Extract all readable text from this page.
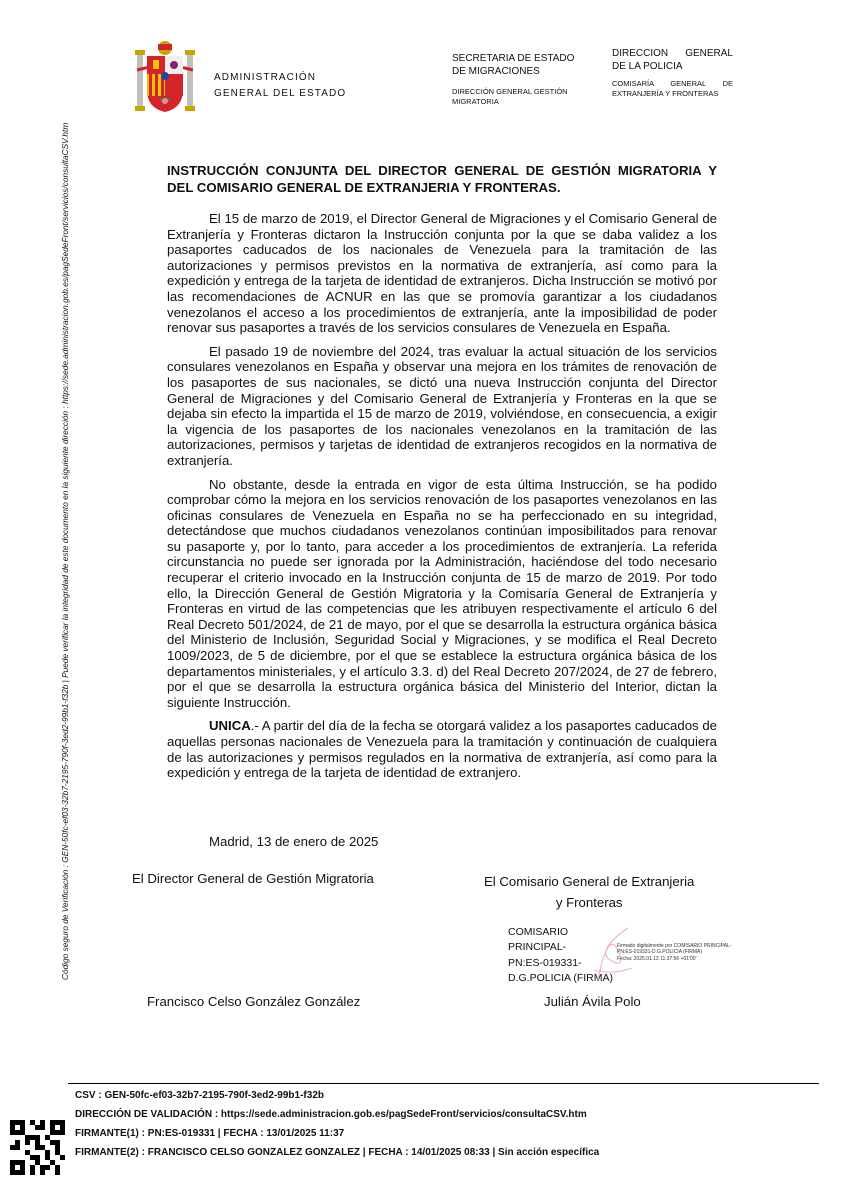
Código seguro de Verificación : GEN-50fc-ef03-32b7-2195-790f-3ed2-99b1-f32b | Puede verificar la integridad de este documento en la siguiente dirección : https://sede.administracion.gob.es/pagSedeFront/servicios/consultaCSV.htm
ADMINISTRACIÓN
GENERAL DEL ESTADO
SECRETARIA DE ESTADO
DE MIGRACIONES
DIRECCIÓN GENERAL GESTIÓN
MIGRATORIA
DIRECCION GENERAL
DE LA POLICIA
COMISARÍA GENERAL DE
EXTRANJERÍA Y FRONTERAS
INSTRUCCIÓN CONJUNTA DEL DIRECTOR GENERAL DE GESTIÓN MIGRATORIA Y DEL COMISARIO GENERAL DE EXTRANJERIA Y FRONTERAS.

El 15 de marzo de 2019, el Director General de Migraciones y el Comisario General de Extranjería y Fronteras dictaron la Instrucción conjunta por la que se daba validez a los pasaportes caducados de los nacionales de Venezuela para la tramitación de las autorizaciones y permisos previstos en la normativa de extranjería, así como para la expedición y entrega de la tarjeta de identidad de extranjeros. Dicha Instrucción se motivó por las recomendaciones de ACNUR en las que se promovía garantizar a los ciudadanos venezolanos el acceso a los procedimientos de extranjería, ante la imposibilidad de poder renovar sus pasaportes a través de los servicios consulares de Venezuela en España.

El pasado 19 de noviembre del 2024, tras evaluar la actual situación de los servicios consulares venezolanos en España y observar una mejora en los trámites de renovación de los pasaportes de sus nacionales, se dictó una nueva Instrucción conjunta del Director General de Migraciones y del Comisario General de Extranjería y Fronteras en la que se dejaba sin efecto la impartida el 15 de marzo de 2019, volviéndose, en consecuencia, a exigir la vigencia de los pasaportes de los nacionales venezolanos en la tramitación de las autorizaciones, permisos y tarjetas de identidad de extranjeros recogidos en la normativa de extranjería.

No obstante, desde la entrada en vigor de esta última Instrucción, se ha podido comprobar cómo la mejora en los servicios renovación de los pasaportes venezolanos en las oficinas consulares de Venezuela en España no se ha perfeccionado en su integridad, detectándose que muchos ciudadanos venezolanos continúan imposibilitados para renovar su pasaporte y, por lo tanto, para acceder a los procedimientos de extranjería. La referida circunstancia no puede ser ignorada por la Administración, haciéndose del todo necesario recuperar el criterio invocado en la Instrucción conjunta de 15 de marzo de 2019. Por todo ello, la Dirección General de Gestión Migratoria y la Comisaría General de Extranjería y Fronteras en virtud de las competencias que les atribuyen respectivamente el artículo 6 del Real Decreto 501/2024, de 21 de mayo, por el que se desarrolla la estructura orgánica básica del Ministerio de Inclusión, Seguridad Social y Migraciones, y se modifica el Real Decreto 1009/2023, de 5 de diciembre, por el que se establece la estructura orgánica básica de los departamentos ministeriales, y el artículo 3.3. d) del Real Decreto 207/2024, de 27 de febrero, por el que se desarrolla la estructura orgánica básica del Ministerio del Interior, dictan la siguiente Instrucción.

UNICA.- A partir del día de la fecha se otorgará validez a los pasaportes caducados de aquellas personas nacionales de Venezuela para la tramitación y continuación de cualquiera de las autorizaciones y permisos regulados en la normativa de extranjería, así como para la expedición y entrega de la tarjeta de identidad de extranjero.

Madrid, 13 de enero de 2025
El Director General de Gestión Migratoria	El Comisario General de Extranjeria
y Fronteras
COMISARIO
PRINCIPAL-
PN:ES-019331-
D.G.POLICIA (FIRMA)
Firmado digitalmente por COMISARIO PRINCIPAL-
PN:ES-019331-D.G.POLICIA (FIRMA)
Fecha: 2025.01.13 11:37:56 +01'00'
Francisco Celso González González	Julián Ávila Polo
CSV : GEN-50fc-ef03-32b7-2195-790f-3ed2-99b1-f32b
DIRECCIÓN DE VALIDACIÓN : https://sede.administracion.gob.es/pagSedeFront/servicios/consultaCSV.htm
FIRMANTE(1) : PN:ES-019331 | FECHA : 13/01/2025 11:37
FIRMANTE(2) : FRANCISCO CELSO GONZALEZ GONZALEZ | FECHA : 14/01/2025 08:33 | Sin acción específica
